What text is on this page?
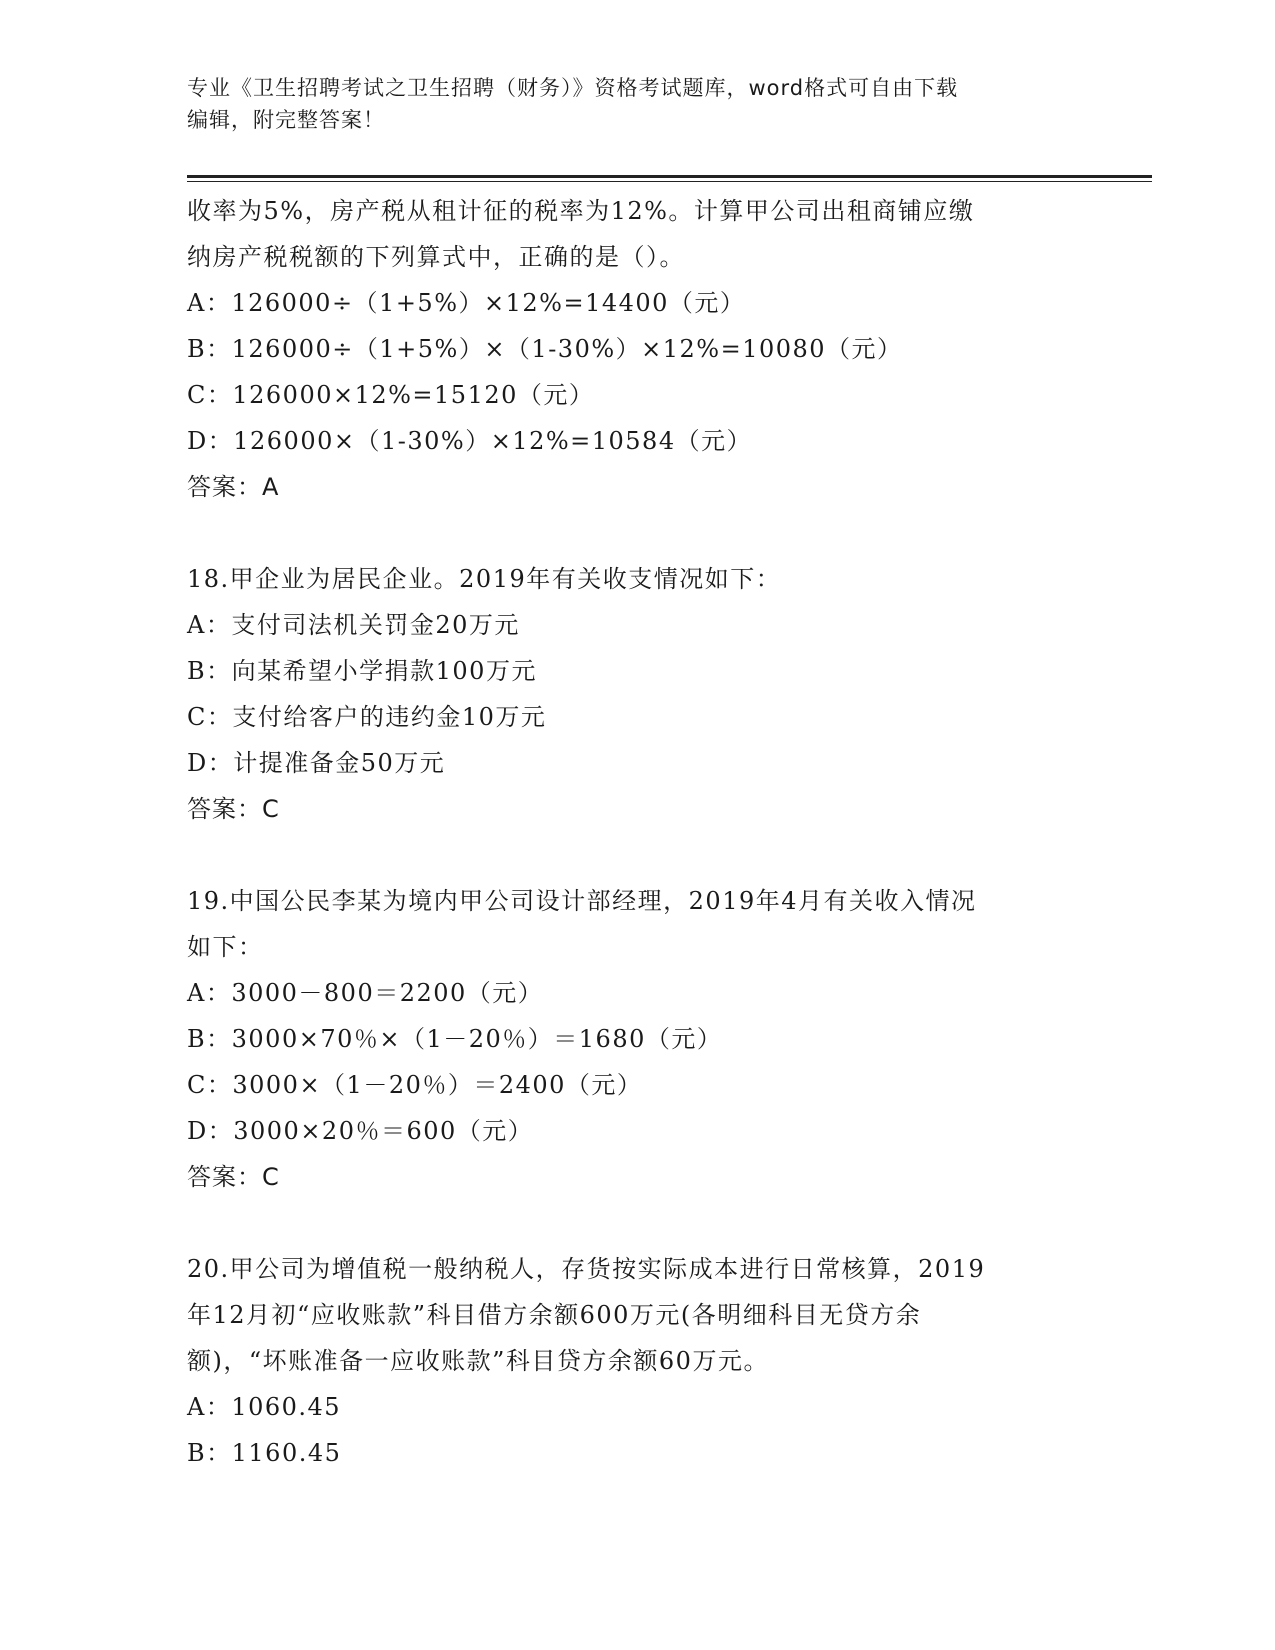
专业《卫生招聘考试之卫生招聘（财务）》资格考试题库，word格式可自由下载
编辑，附完整答案！
收率为5%，房产税从租计征的税率为12%。计算甲公司出租商铺应缴
纳房产税税额的下列算式中，正确的是（）。
A：126000÷（1+5%）×12%=14400（元）
B：126000÷（1+5%）×（1-30%）×12%=10080（元）
C：126000×12%=15120（元）
D：126000×（1-30%）×12%=10584（元）
答案：A
18.甲企业为居民企业。2019年有关收支情况如下：
A：支付司法机关罚金20万元
B：向某希望小学捐款100万元
C：支付给客户的违约金10万元
D：计提准备金50万元
答案：C
19.中国公民李某为境内甲公司设计部经理，2019年4月有关收入情况
如下：
A：3000－800＝2200（元）
B：3000×70％×（1－20％）＝1680（元）
C：3000×（1－20％）＝2400（元）
D：3000×20％＝600（元）
答案：C
20.甲公司为增值税一般纳税人，存货按实际成本进行日常核算，2019
年12月初“应收账款”科目借方余额600万元(各明细科目无贷方余
额)，“坏账准备一应收账款”科目贷方余额60万元。
A：1060.45
B：1160.45
